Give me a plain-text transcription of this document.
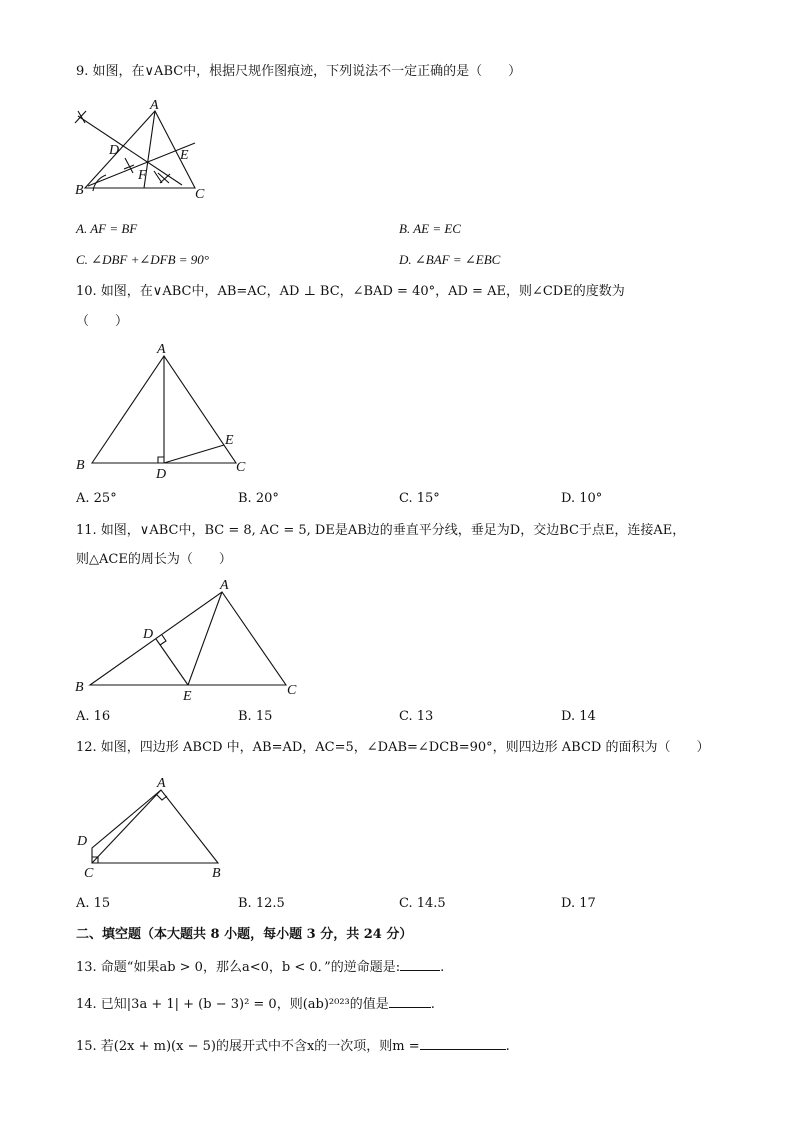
9. 如图，在∨ABC中，根据尺规作图痕迹，下列说法不一定正确的是（　　）
A
B	C
D	E
F
A. AF = BF	B. AE = EC
C. ∠DBF +∠DFB = 90°	D. ∠BAF = ∠EBC
10. 如图，在∨ABC中，AB=AC，AD ⊥ BC，∠BAD = 40°，AD = AE，则∠CDE的度数为
（　　）
A
B	C
D
E
A. 25°	B. 20°	C. 15°	D. 10°
11. 如图，∨ABC中，BC = 8, AC = 5, DE是AB边的垂直平分线，垂足为D，交边BC于点E，连接AE，
则△ACE的周长为（　　）
A
B	C
D
E
A. 16	B. 15	C. 13	D. 14
12. 如图，四边形 ABCD 中，AB=AD，AC=5，∠DAB=∠DCB=90°，则四边形 ABCD 的面积为（　　）
A
B
C
D
A. 15	B. 12.5	C. 14.5	D. 17
二、填空题（本大题共 8 小题，每小题 3 分，共 24 分）
13. 命题“如果ab > 0，那么a<0，b < 0．”的逆命题是:	.
14. 已知|3a + 1| + (b − 3)² = 0，则(ab)²⁰²³的值是	.
15. 若(2x + m)(x − 5)的展开式中不含x的一次项，则m =	.
